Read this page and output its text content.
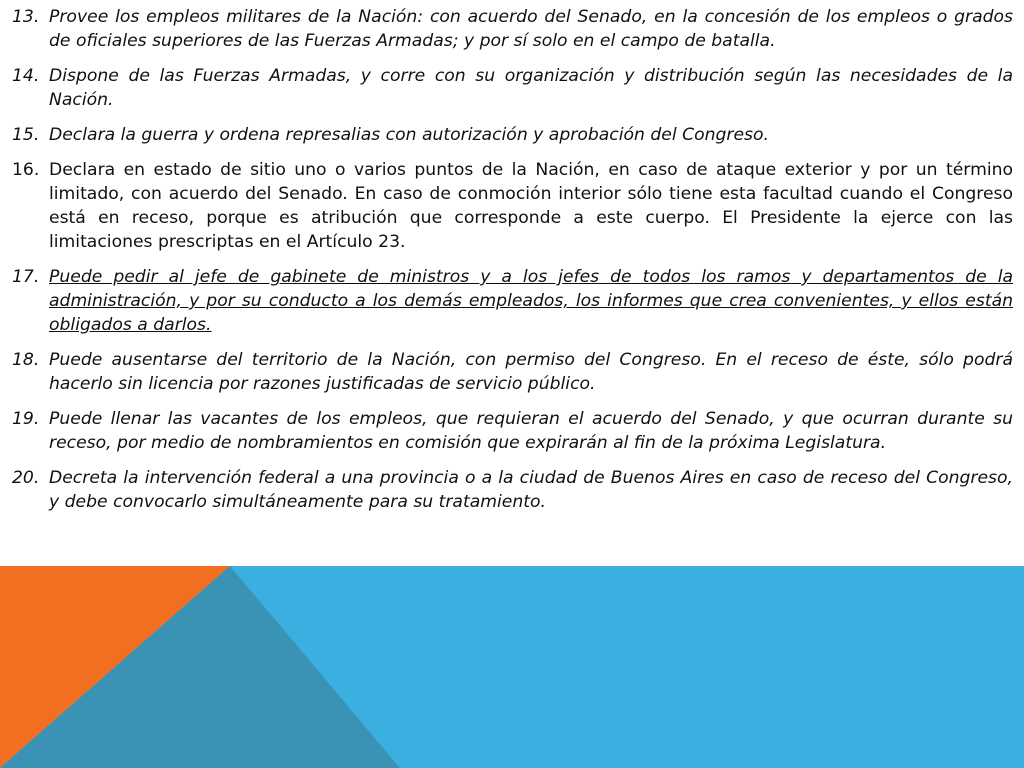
13. Provee los empleos militares de la Nación: con acuerdo del Senado, en la concesión de los empleos o grados de oficiales superiores de las Fuerzas Armadas; y por sí solo en el campo de batalla.
14. Dispone de las Fuerzas Armadas, y corre con su organización y distribución según las necesidades de la Nación.
15. Declara la guerra y ordena represalias con autorización y aprobación del Congreso.
16. Declara en estado de sitio uno o varios puntos de la Nación, en caso de ataque exterior y por un término limitado, con acuerdo del Senado. En caso de conmoción interior sólo tiene esta facultad cuando el Congreso está en receso, porque es atribución que corresponde a este cuerpo. El Presidente la ejerce con las limitaciones prescriptas en el Artículo 23.
17. Puede pedir al jefe de gabinete de ministros y a los jefes de todos los ramos y departamentos de la administración, y por su conducto a los demás empleados, los informes que crea convenientes, y ellos están obligados a darlos.
18. Puede ausentarse del territorio de la Nación, con permiso del Congreso. En el receso de éste, sólo podrá hacerlo sin licencia por razones justificadas de servicio público.
19. Puede llenar las vacantes de los empleos, que requieran el acuerdo del Senado, y que ocurran durante su receso, por medio de nombramientos en comisión que expirarán al fin de la próxima Legislatura.
20. Decreta la intervención federal a una provincia o a la ciudad de Buenos Aires en caso de receso del Congreso, y debe convocarlo simultáneamente para su tratamiento.
